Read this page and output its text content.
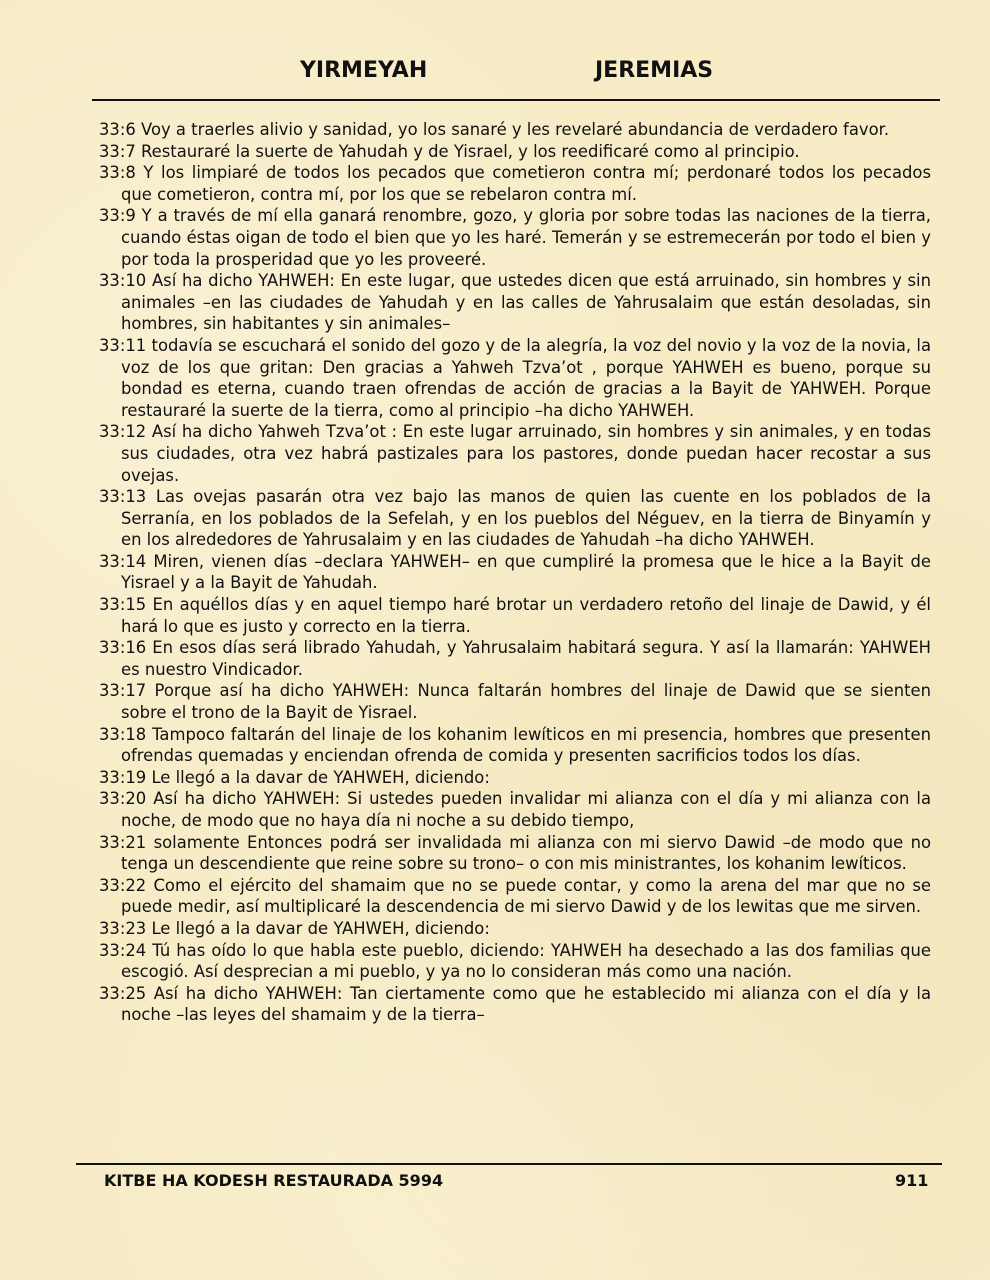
YIRMEYAH	JEREMIAS

33:6 Voy a traerles alivio y sanidad, yo los sanaré y les revelaré abundancia de verdadero favor.

33:7 Restauraré la suerte de Yahudah y de Yisrael, y los reedificaré como al principio.

33:8 Y los limpiaré de todos los pecados que cometieron contra mí; perdonaré todos los pecados que cometieron, contra mí, por los que se rebelaron contra mí.

33:9 Y a través de mí ella ganará renombre, gozo, y gloria por sobre todas las naciones de la tierra, cuando éstas oigan de todo el bien que yo les haré. Temerán y se estremecerán por todo el bien y por toda la prosperidad que yo les proveeré.

33:10 Así ha dicho YAHWEH: En este lugar, que ustedes dicen que está arruinado, sin hombres y sin animales –en las ciudades de Yahudah y en las calles de Yahrusalaim que están desoladas, sin hombres, sin habitantes y sin animales–

33:11 todavía se escuchará el sonido del gozo y de la alegría, la voz del novio y la voz de la novia, la voz de los que gritan: Den gracias a Yahweh Tzva’ot , porque YAHWEH es bueno, porque su bondad es eterna, cuando traen ofrendas de acción de gracias a la Bayit de YAHWEH. Porque restauraré la suerte de la tierra, como al principio –ha dicho YAHWEH.

33:12 Así ha dicho Yahweh Tzva’ot : En este lugar arruinado, sin hombres y sin animales, y en todas sus ciudades, otra vez habrá pastizales para los pastores, donde puedan hacer recostar a sus ovejas.

33:13 Las ovejas pasarán otra vez bajo las manos de quien las cuente en los poblados de la Serranía, en los poblados de la Sefelah, y en los pueblos del Néguev, en la tierra de Binyamín y en los alrededores de Yahrusalaim y en las ciudades de Yahudah –ha dicho YAHWEH.

33:14 Miren, vienen días –declara YAHWEH– en que cumpliré la promesa que le hice a la Bayit de Yisrael y a la Bayit de Yahudah.

33:15 En aquéllos días y en aquel tiempo haré brotar un verdadero retoño del linaje de Dawid, y él hará lo que es justo y correcto en la tierra.

33:16 En esos días será librado Yahudah, y Yahrusalaim habitará segura. Y así la llamarán: YAHWEH es nuestro Vindicador.

33:17 Porque así ha dicho YAHWEH: Nunca faltarán hombres del linaje de Dawid que se sienten sobre el trono de la Bayit de Yisrael.

33:18 Tampoco faltarán del linaje de los kohanim lewíticos en mi presencia, hombres que presenten ofrendas quemadas y enciendan ofrenda de comida y presenten sacrificios todos los días.

33:19 Le llegó a la davar de YAHWEH, diciendo:

33:20 Así ha dicho YAHWEH: Si ustedes pueden invalidar mi alianza con el día y mi alianza con la noche, de modo que no haya día ni noche a su debido tiempo,

33:21 solamente Entonces podrá ser invalidada mi alianza con mi siervo Dawid –de modo que no tenga un descendiente que reine sobre su trono– o con mis ministrantes, los kohanim lewíticos.

33:22 Como el ejército del shamaim que no se puede contar, y como la arena del mar que no se puede medir, así multiplicaré la descendencia de mi siervo Dawid y de los lewitas que me sirven.

33:23 Le llegó a la davar de YAHWEH, diciendo:

33:24 Tú has oído lo que habla este pueblo, diciendo: YAHWEH ha desechado a las dos familias que escogió. Así desprecian a mi pueblo, y ya no lo consideran más como una nación.

33:25 Así ha dicho YAHWEH: Tan ciertamente como que he establecido mi alianza con el día y la noche –las leyes del shamaim y de la tierra–

KITBE HA KODESH RESTAURADA 5994	911
